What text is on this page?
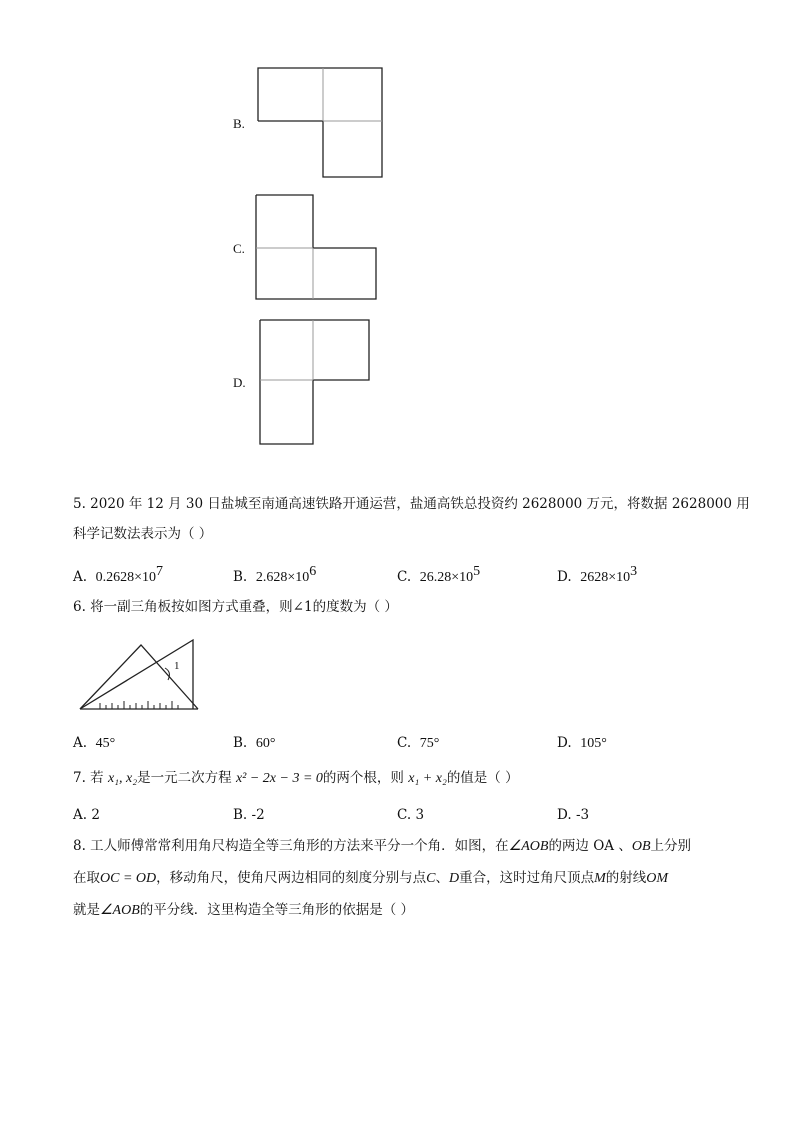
B.
C.
D.
5. 2020 年 12 月 30 日盐城至南通高速铁路开通运营，盐通高铁总投资约 2628000 万元，将数据 2628000 用
科学记数法表示为（ ）
A. $0.2628\times 10^7$	B. $2.628\times 10^6$	C. $26.28\times 10^5$	D. $2628\times 10^3$
6. 将一副三角板按如图方式重叠，则∠1的度数为（ ）
1
A. 45°	B. 60°	C. 75°	D. 105°
7. 若 x₁, x₂是一元二次方程 x² − 2x − 3 = 0的两个根，则 x₁ + x₂的值是（ ）
A. 2	B. -2	C. 3	D. -3
8. 工人师傅常常利用角尺构造全等三角形的方法来平分一个角．如图，在∠AOB的两边 OA 、OB上分别
在取OC = OD，移动角尺，使角尺两边相同的刻度分别与点C、D重合，这时过角尺顶点M的射线OM
就是∠AOB的平分线．这里构造全等三角形的依据是（ ）
